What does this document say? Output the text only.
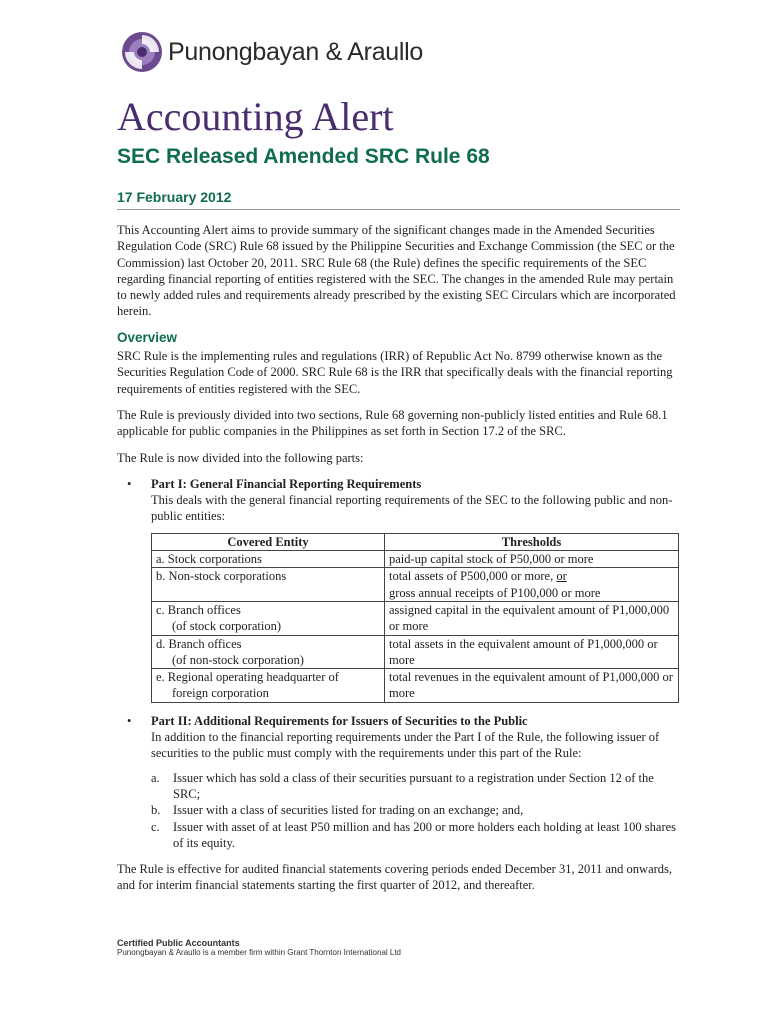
Punongbayan & Araullo
Accounting Alert
SEC Released Amended SRC Rule 68
17 February 2012

This Accounting Alert aims to provide summary of the significant changes made in the Amended Securities Regulation Code (SRC) Rule 68 issued by the Philippine Securities and Exchange Commission (the SEC or the Commission) last October 20, 2011. SRC Rule 68 (the Rule) defines the specific requirements of the SEC regarding financial reporting of entities registered with the SEC. The changes in the amended Rule may pertain to newly added rules and requirements already prescribed by the existing SEC Circulars which are incorporated herein.

Overview

SRC Rule is the implementing rules and regulations (IRR) of Republic Act No. 8799 otherwise known as the Securities Regulation Code of 2000. SRC Rule 68 is the IRR that specifically deals with the financial reporting requirements of entities registered with the SEC.

The Rule is previously divided into two sections, Rule 68 governing non-publicly listed entities and Rule 68.1 applicable for public companies in the Philippines as set forth in Section 17.2 of the SRC.

The Rule is now divided into the following parts:

• Part I: General Financial Reporting Requirements
This deals with the general financial reporting requirements of the SEC to the following public and non-public entities:
Covered Entity	Thresholds
a. Stock corporations	paid-up capital stock of P50,000 or more
b. Non-stock corporations	total assets of P500,000 or more, or
gross annual receipts of P100,000 or more
c. Branch offices
(of stock corporation)	assigned capital in the equivalent amount of P1,000,000 or more
d. Branch offices
(of non-stock corporation)	total assets in the equivalent amount of P1,000,000 or more
e. Regional operating headquarter of
foreign corporation	total revenues in the equivalent amount of P1,000,000 or more
• Part II: Additional Requirements for Issuers of Securities to the Public
In addition to the financial reporting requirements under the Part I of the Rule, the following issuer of securities to the public must comply with the requirements under this part of the Rule:
a.	Issuer which has sold a class of their securities pursuant to a registration under Section 12 of the SRC;
b.	Issuer with a class of securities listed for trading on an exchange; and,
c.	Issuer with asset of at least P50 million and has 200 or more holders each holding at least 100 shares of its equity.

The Rule is effective for audited financial statements covering periods ended December 31, 2011 and onwards, and for interim financial statements starting the first quarter of 2012, and thereafter.

Certified Public Accountants
Punongbayan & Araullo is a member firm within Grant Thornton International Ltd
